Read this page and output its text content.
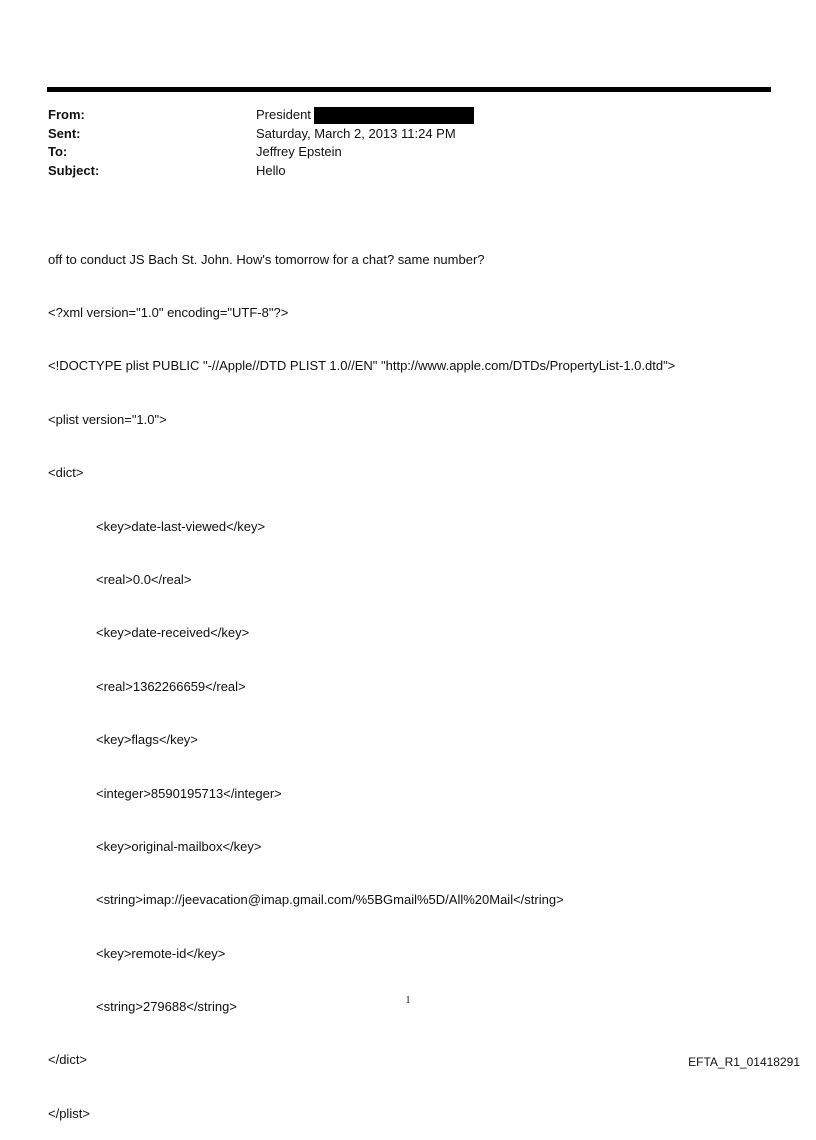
From:	President
Sent:	Saturday, March 2, 2013 11:24 PM
To:	Jeffrey Epstein
Subject:	Hello

off to conduct JS Bach St. John. How's tomorrow for a chat? same number?

<?xml version="1.0" encoding="UTF-8"?>

<!DOCTYPE plist PUBLIC "-//Apple//DTD PLIST 1.0//EN" "http://www.apple.com/DTDs/PropertyList-1.0.dtd">

<plist version="1.0">

<dict>

<key>date-last-viewed</key>

<real>0.0</real>

<key>date-received</key>

<real>1362266659</real>

<key>flags</key>

<integer>8590195713</integer>

<key>original-mailbox</key>

<string>imap://jeevacation@imap.gmail.com/%5BGmail%5D/All%20Mail</string>

<key>remote-id</key>

<string>279688</string>

</dict>

</plist>

1
EFTA_R1_01418291
